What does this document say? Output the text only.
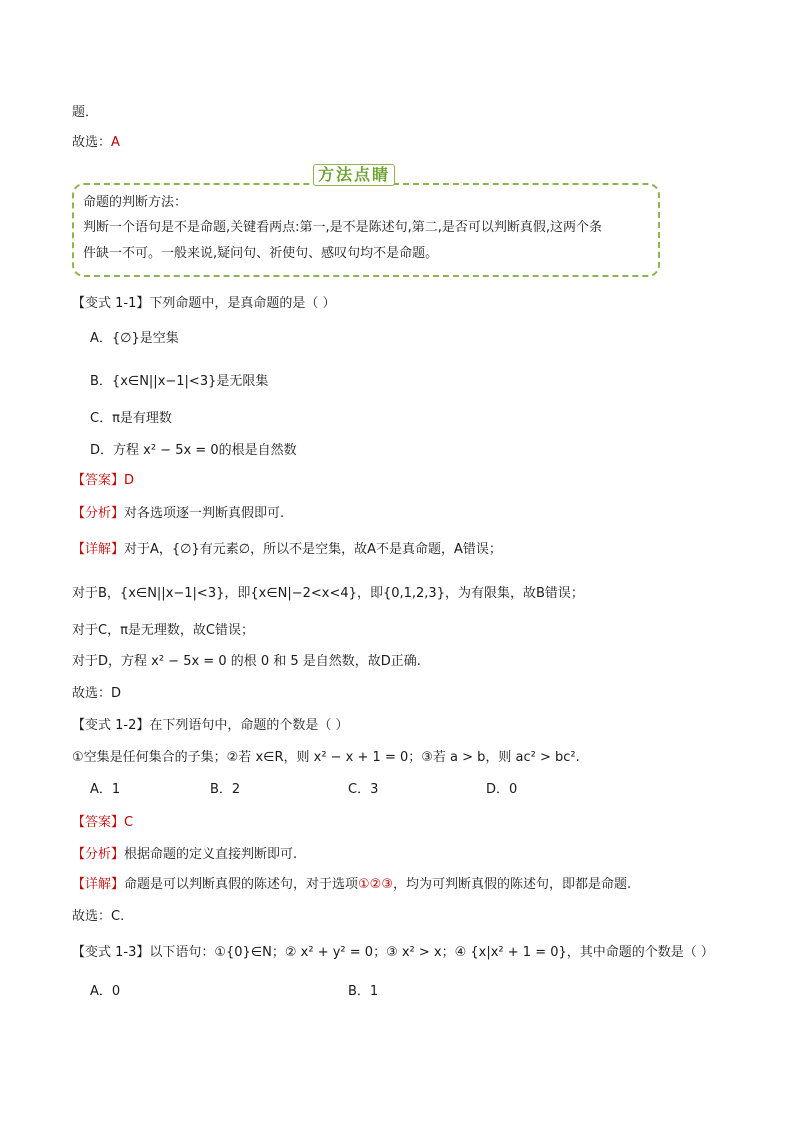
题．
故选：A
方法点睛
命题的判断方法：
判断一个语句是不是命题,关键看两点:第一,是不是陈述句,第二,是否可以判断真假,这两个条
件缺一不可。一般来说,疑问句、祈使句、感叹句均不是命题。
【变式 1-1】下列命题中，是真命题的是（ ）
A．{∅}是空集
B．{x∈N||x−1|<3}是无限集
C．π是有理数
D．方程 x² − 5x = 0的根是自然数
【答案】D
【分析】对各选项逐一判断真假即可.
【详解】对于A，{∅}有元素∅，所以不是空集，故A不是真命题，A错误；
对于B，{x∈N||x−1|<3}，即{x∈N|−2<x<4}，即{0,1,2,3}，为有限集，故B错误；
对于C，π是无理数，故C错误；
对于D，方程 x² − 5x = 0 的根 0 和 5 是自然数，故D正确.
故选：D
【变式 1-2】在下列语句中，命题的个数是（ ）
①空集是任何集合的子集；②若 x∈R，则 x² − x + 1 = 0；③若 a > b，则 ac² > bc².
A．1	B．2	C．3	D．0
【答案】C
【分析】根据命题的定义直接判断即可.
【详解】命题是可以判断真假的陈述句，对于选项①②③，均为可判断真假的陈述句，即都是命题.
故选：C.
【变式 1-3】以下语句：①{0}∈N；② x² + y² = 0；③ x² > x；④ {x|x² + 1 = 0}，其中命题的个数是（ ）
A．0	B．1
